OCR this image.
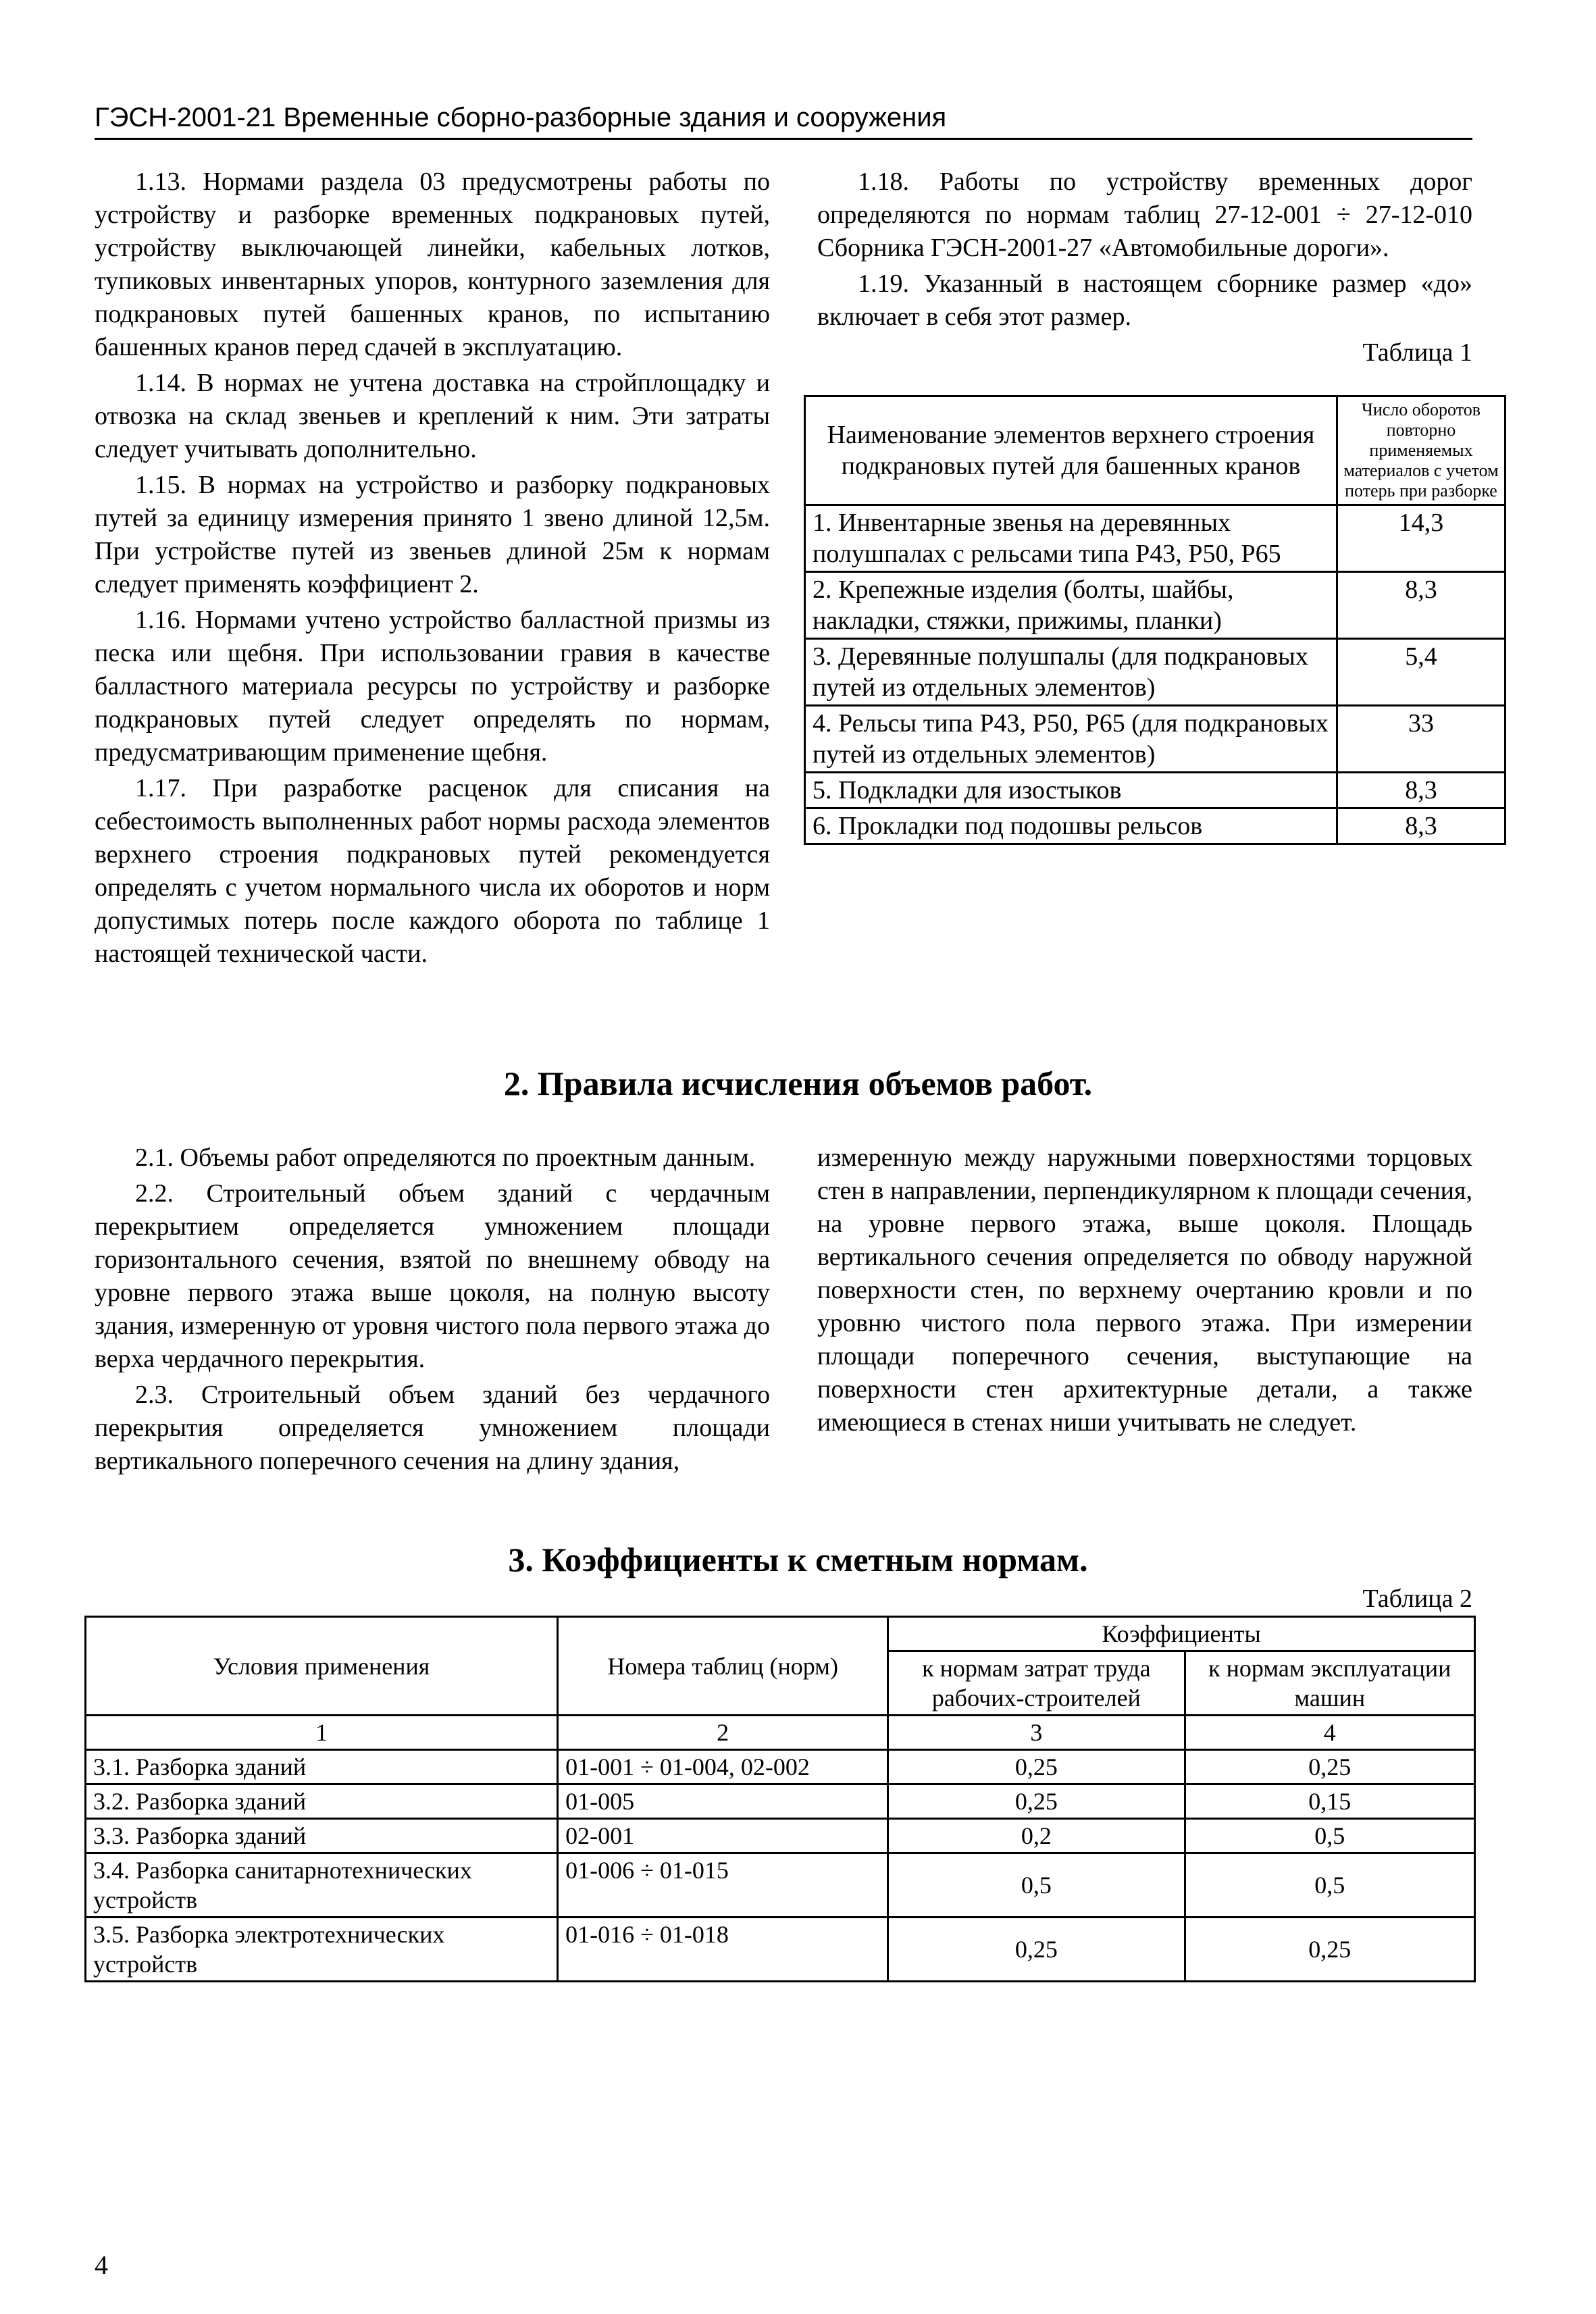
ГЭСН-2001-21 Временные сборно-разборные здания и сооружения

1.13. Нормами раздела 03 предусмотрены работы по устройству и разборке временных подкрановых путей, устройству выключающей линейки, кабельных лотков, тупиковых инвентарных упоров, контурного заземления для подкрановых путей башенных кранов, по испытанию башенных кранов перед сдачей в эксплуатацию.

1.14. В нормах не учтена доставка на стройплощадку и отвозка на склад звеньев и креплений к ним. Эти затраты следует учитывать дополнительно.

1.15. В нормах на устройство и разборку подкрановых путей за единицу измерения принято 1 звено длиной 12,5м. При устройстве путей из звеньев длиной 25м к нормам следует применять коэффициент 2.

1.16. Нормами учтено устройство балластной призмы из песка или щебня. При использовании гравия в качестве балластного материала ресурсы по устройству и разборке подкрановых путей следует определять по нормам, предусматривающим применение щебня.

1.17. При разработке расценок для списания на себестоимость выполненных работ нормы расхода элементов верхнего строения подкрановых путей рекомендуется определять с учетом нормального числа их оборотов и норм допустимых потерь после каждого оборота по таблице 1 настоящей технической части.

1.18. Работы по устройству временных дорог определяются по нормам таблиц 27-12-001 ÷ 27-12-010 Сборника ГЭСН-2001-27 «Автомобильные дороги».

1.19. Указанный в настоящем сборнике размер «до» включает в себя этот размер.

Таблица 1
Наименование элементов верхнего строения подкрановых путей для башенных кранов	Число оборотов повторно применяемых материалов с учетом потерь при разборке
1. Инвентарные звенья на деревянных полушпалах с рельсами типа Р43, Р50, Р65	14,3
2. Крепежные изделия (болты, шайбы, накладки, стяжки, прижимы, планки)	8,3
3. Деревянные полушпалы (для подкрановых путей из отдельных элементов)	5,4
4. Рельсы типа Р43, Р50, Р65 (для подкрановых путей из отдельных элементов)	33
5. Подкладки для изостыков	8,3
6. Прокладки под подошвы рельсов	8,3
2. Правила исчисления объемов работ.

2.1. Объемы работ определяются по проектным данным.

2.2. Строительный объем зданий с чердачным перекрытием определяется умножением площади горизонтального сечения, взятой по внешнему обводу на уровне первого этажа выше цоколя, на полную высоту здания, измеренную от уровня чистого пола первого этажа до верха чердачного перекрытия.

2.3. Строительный объем зданий без чердачного перекрытия определяется умножением площади вертикального поперечного сечения на длину здания,

измеренную между наружными поверхностями торцовых стен в направлении, перпендикулярном к площади сечения, на уровне первого этажа, выше цоколя. Площадь вертикального сечения определяется по обводу наружной поверхности стен, по верхнему очертанию кровли и по уровню чистого пола первого этажа. При измерении площади поперечного сечения, выступающие на поверхности стен архитектурные детали, а также имеющиеся в стенах ниши учитывать не следует.

3. Коэффициенты к сметным нормам.
Таблица 2
Условия применения	Номера таблиц (норм)	Коэффициенты	
		к нормам затрат труда рабочих-строителей	к нормам эксплуатации машин
1	2	3	4
3.1. Разборка зданий	01-001 ÷ 01-004, 02-002	0,25	0,25
3.2. Разборка зданий	01-005	0,25	0,15
3.3. Разборка зданий	02-001	0,2	0,5
3.4. Разборка санитарнотехнических устройств	01-006 ÷ 01-015	0,5	0,5
3.5. Разборка электротехнических устройств	01-016 ÷ 01-018	0,25	0,25
4
